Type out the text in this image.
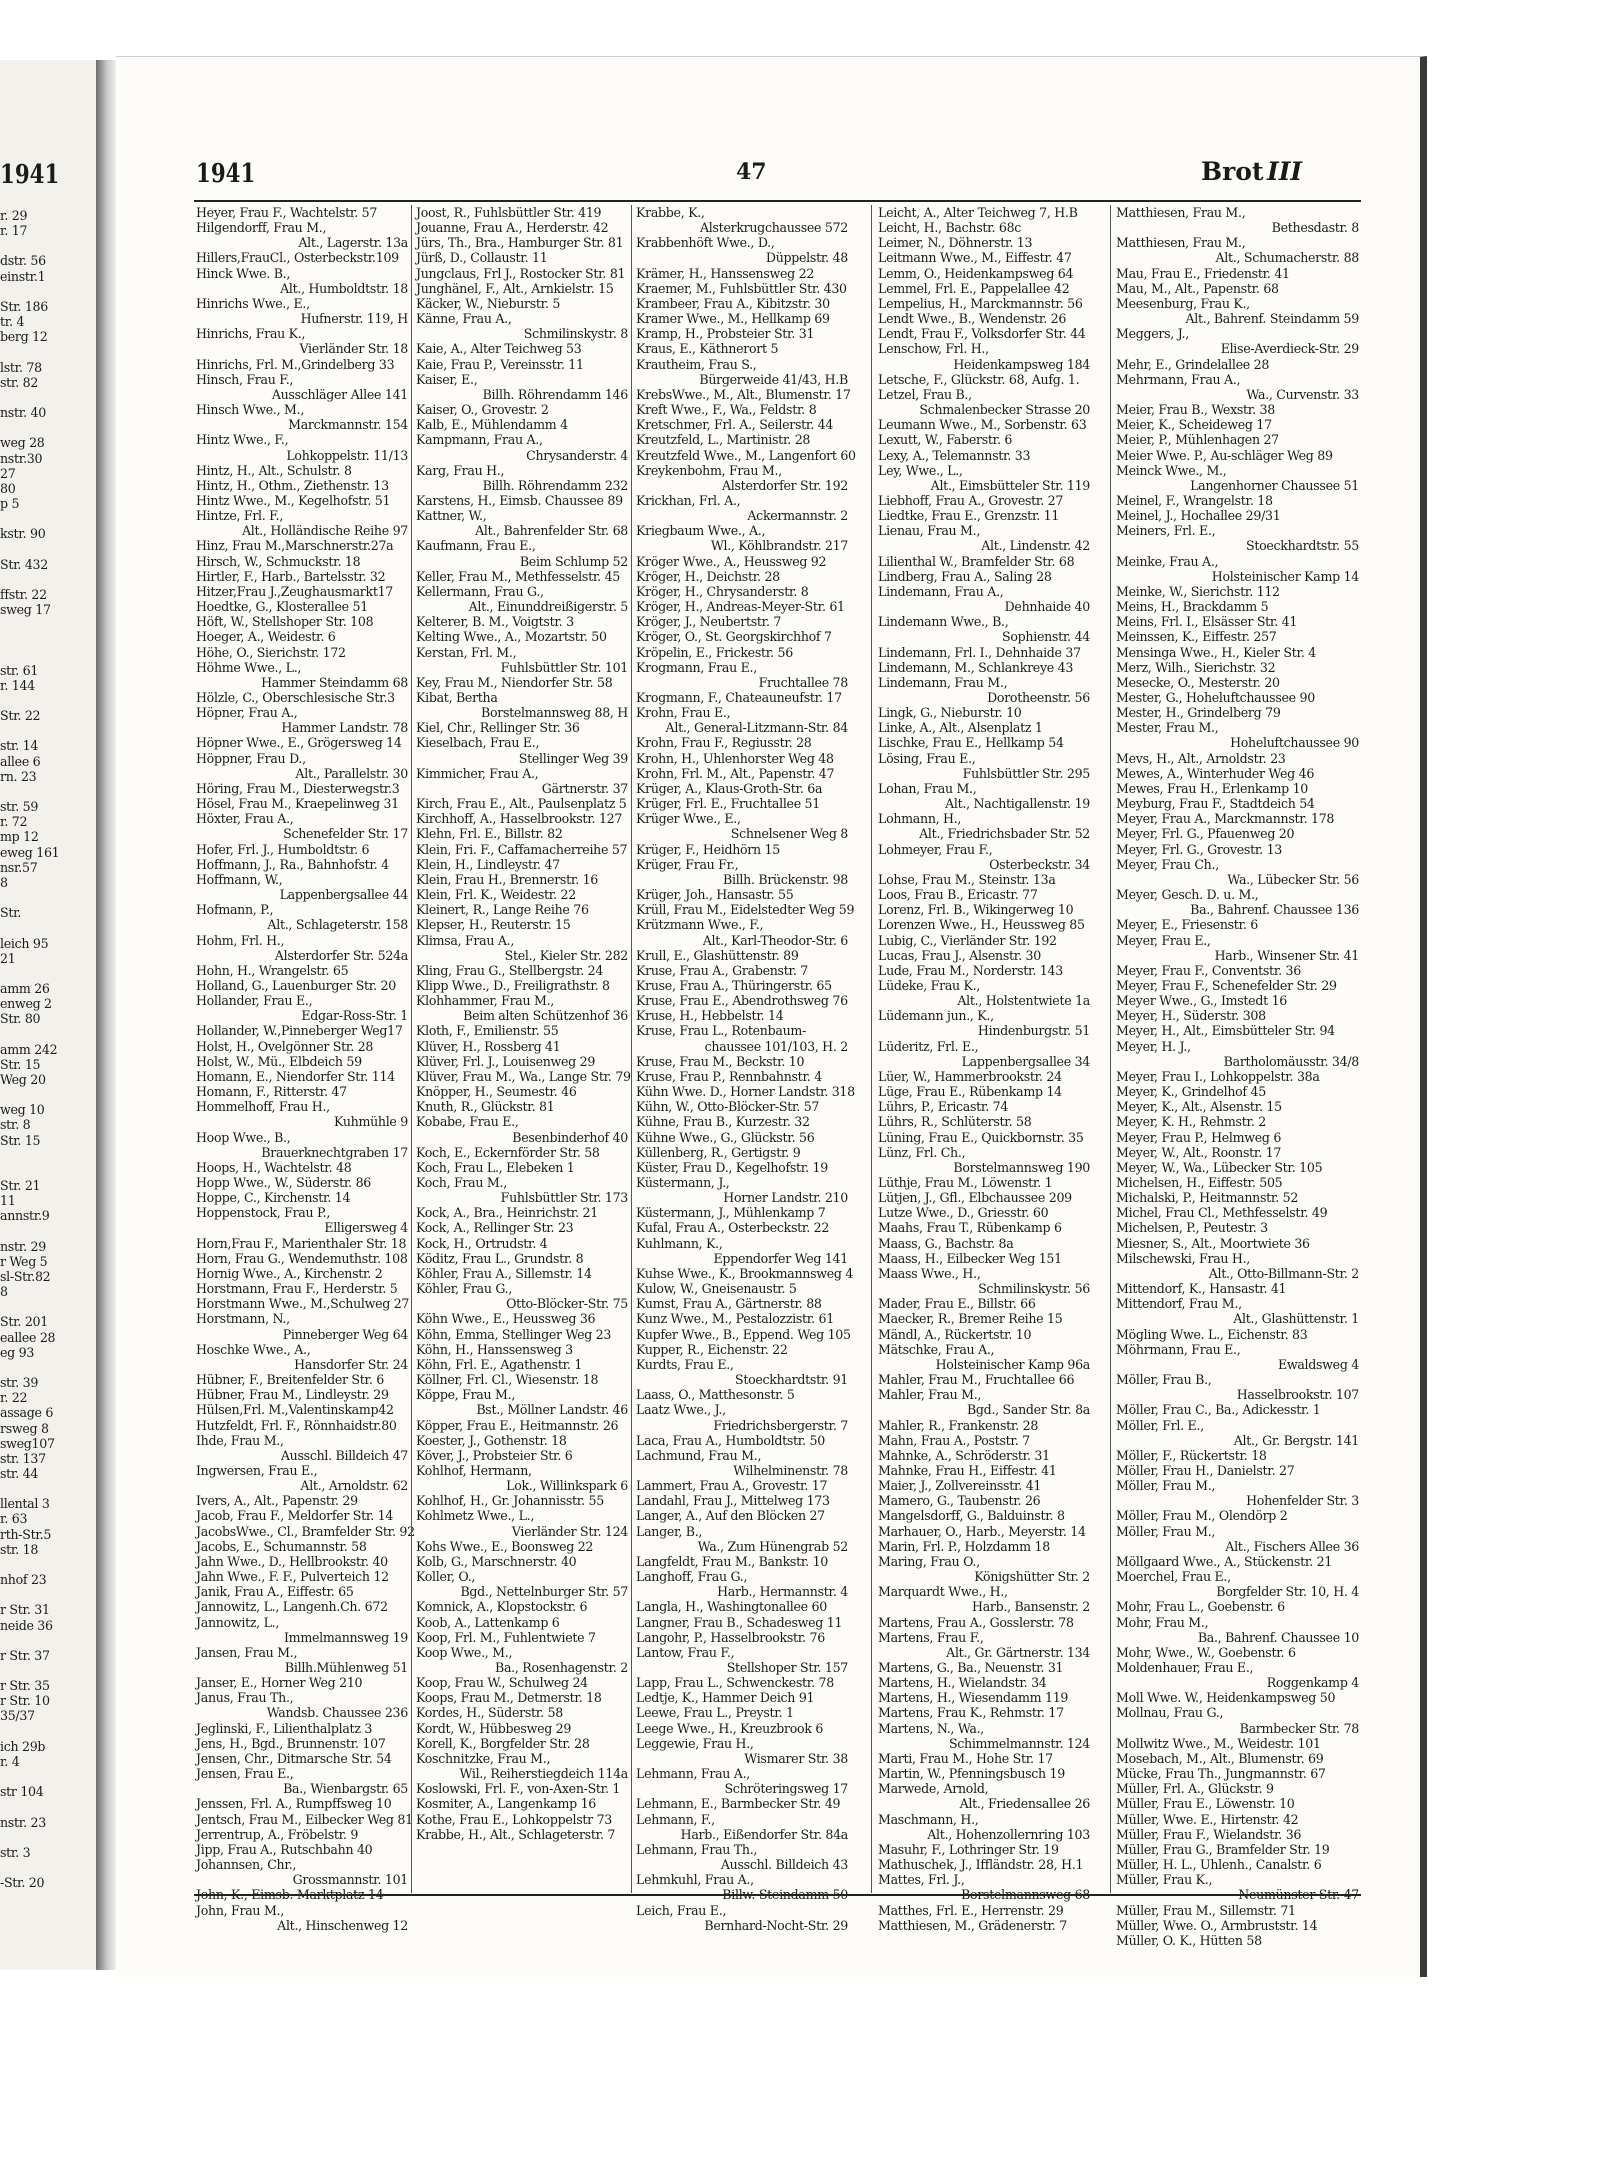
1941
r. 29
r. 17

dstr. 56
einstr.1

Str. 186
tr. 4
berg 12

lstr. 78
str. 82

nstr. 40

weg 28
nstr.30
27
80
p 5

kstr. 90

Str. 432

ffstr. 22
sweg 17

str. 61
r. 144

Str. 22

str. 14
allee 6
rn. 23

str. 59
r. 72
mp 12
eweg 161
nsr.57
8

Str.

leich 95
21

amm 26
enweg 2
Str. 80

amm 242
Str. 15
Weg 20

weg 10
str. 8
Str. 15

Str. 21
11
annstr.9

nstr. 29
r Weg 5
sl-Str.82
8

Str. 201
eallee 28
eg 93

str. 39
r. 22
assage 6
rsweg 8
sweg107
str. 137
str. 44

llental 3
r. 63
rth-Str.5
str. 18

nhof 23

r Str. 31
neide 36

r Str. 37

r Str. 35
r Str. 10
35/37

ich 29b
r. 4

str 104

nstr. 23

str. 3

-Str. 20
1941	47	Brot III
Heyer, Frau F., Wachtelstr. 57
Hilgendorff, Frau M.,
Alt., Lagerstr. 13a
Hillers,FrauCl., Osterbeckstr.109
Hinck Wwe. B.,
Alt., Humboldtstr. 18
Hinrichs Wwe., E.,
Hufnerstr. 119, H
Hinrichs, Frau K.,
Vierländer Str. 18
Hinrichs, Frl. M.,Grindelberg 33
Hinsch, Frau F.,
Ausschläger Allee 141
Hinsch Wwe., M.,
Marckmannstr. 154
Hintz Wwe., F.,
Lohkoppelstr. 11/13
Hintz, H., Alt., Schulstr. 8
Hintz, H., Othm., Ziethenstr. 13
Hintz Wwe., M., Kegelhofstr. 51
Hintze, Frl. F.,
Alt., Holländische Reihe 97
Hinz, Frau M.,Marschnerstr.27a
Hirsch, W., Schmuckstr. 18
Hirtler, F., Harb., Bartelsstr. 32
Hitzer,Frau J.,Zeughausmarkt17
Hoedtke, G., Klosterallee 51
Höft, W., Stellshoper Str. 108
Hoeger, A., Weidestr. 6
Höhe, O., Sierichstr. 172
Höhme Wwe., L.,
Hammer Steindamm 68
Hölzle, C., Oberschlesische Str.3
Höpner, Frau A.,
Hammer Landstr. 78
Höpner Wwe., E., Grögersweg 14
Höppner, Frau D.,
Alt., Parallelstr. 30
Höring, Frau M., Diesterwegstr.3
Hösel, Frau M., Kraepelinweg 31
Höxter, Frau A.,
Schenefelder Str. 17
Hofer, Frl. J., Humboldtstr. 6
Hoffmann, J., Ra., Bahnhofstr. 4
Hoffmann, W.,
Lappenbergsallee 44
Hofmann, P.,
Alt., Schlageterstr. 158
Hohm, Frl. H.,
Alsterdorfer Str. 524a
Hohn, H., Wrangelstr. 65
Holland, G., Lauenburger Str. 20
Hollander, Frau E.,
Edgar-Ross-Str. 1
Hollander, W.,Pinneberger Weg17
Holst, H., Ovelgönner Str. 28
Holst, W., Mü., Elbdeich 59
Homann, E., Niendorfer Str. 114
Homann, F., Ritterstr. 47
Hommelhoff, Frau H.,
Kuhmühle 9
Hoop Wwe., B.,
Brauerknechtgraben 17
Hoops, H., Wachtelstr. 48
Hopp Wwe., W., Süderstr. 86
Hoppe, C., Kirchenstr. 14
Hoppenstock, Frau P.,
Elligersweg 4
Horn,Frau F., Marienthaler Str. 18
Horn, Frau G., Wendemuthstr. 108
Hornig Wwe., A., Kirchenstr. 2
Horstmann, Frau F., Herderstr. 5
Horstmann Wwe., M.,Schulweg 27
Horstmann, N.,
Pinneberger Weg 64
Hoschke Wwe., A.,
Hansdorfer Str. 24
Hübner, F., Breitenfelder Str. 6
Hübner, Frau M., Lindleystr. 29
Hülsen,Frl. M.,Valentinskamp42
Hutzfeldt, Frl. F., Rönnhaidstr.80
Ihde, Frau M.,
Ausschl. Billdeich 47
Ingwersen, Frau E.,
Alt., Arnoldstr. 62
Ivers, A., Alt., Papenstr. 29
Jacob, Frau F., Meldorfer Str. 14
JacobsWwe., Cl., Bramfelder Str. 92
Jacobs, E., Schumannstr. 58
Jahn Wwe., D., Hellbrookstr. 40
Jahn Wwe., F. F., Pulverteich 12
Janik, Frau A., Eiffestr. 65
Jannowitz, L., Langenh.Ch. 672
Jannowitz, L.,
Immelmannsweg 19
Jansen, Frau M.,
Billh.Mühlenweg 51
Janser, E., Horner Weg 210
Janus, Frau Th.,
Wandsb. Chaussee 236
Jeglinski, F., Lilienthalplatz 3
Jens, H., Bgd., Brunnenstr. 107
Jensen, Chr., Ditmarsche Str. 54
Jensen, Frau E.,
Ba., Wienbargstr. 65
Jenssen, Frl. A., Rumpffsweg 10
Jentsch, Frau M., Eilbecker Weg 81
Jerrentrup, A., Fröbelstr. 9
Jipp, Frau A., Rutschbahn 40
Johannsen, Chr.,
Grossmannstr. 101
John, K., Eimsb. Marktplatz 14
John, Frau M.,
Alt., Hinschenweg 12
Joost, R., Fuhlsbüttler Str. 419
Jouanne, Frau A., Herderstr. 42
Jürs, Th., Bra., Hamburger Str. 81
Jürß, D., Collaustr. 11
Jungclaus, Frl J., Rostocker Str. 81
Junghänel, F., Alt., Arnkielstr. 15
Käcker, W., Nieburstr. 5
Känne, Frau A.,
Schmilinskystr. 8
Kaie, A., Alter Teichweg 53
Kaie, Frau P., Vereinsstr. 11
Kaiser, E.,
Billh. Röhrendamm 146
Kaiser, O., Grovestr. 2
Kalb, E., Mühlendamm 4
Kampmann, Frau A.,
Chrysanderstr. 4
Karg, Frau H.,
Billh. Röhrendamm 232
Karstens, H., Eimsb. Chaussee 89
Kattner, W.,
Alt., Bahrenfelder Str. 68
Kaufmann, Frau E.,
Beim Schlump 52
Keller, Frau M., Methfesselstr. 45
Kellermann, Frau G.,
Alt., Einunddreißigerstr. 5
Kelterer, B. M., Voigtstr. 3
Kelting Wwe., A., Mozartstr. 50
Kerstan, Frl. M.,
Fuhlsbüttler Str. 101
Key, Frau M., Niendorfer Str. 58
Kibat, Bertha
Borstelmannsweg 88, H
Kiel, Chr., Rellinger Str. 36
Kieselbach, Frau E.,
Stellinger Weg 39
Kimmicher, Frau A.,
Gärtnerstr. 37
Kirch, Frau E., Alt., Paulsenplatz 5
Kirchhoff, A., Hasselbrookstr. 127
Klehn, Frl. E., Billstr. 82
Klein, Fri. F., Caffamacherreihe 57
Klein, H., Lindleystr. 47
Klein, Frau H., Brennerstr. 16
Klein, Frl. K., Weidestr. 22
Kleinert, R., Lange Reihe 76
Klepser, H., Reuterstr. 15
Klimsa, Frau A.,
Stel., Kieler Str. 282
Kling, Frau G., Stellbergstr. 24
Klipp Wwe., D., Freiligrathstr. 8
Klohhammer, Frau M.,
Beim alten Schützenhof 36
Kloth, F., Emilienstr. 55
Klüver, H., Rossberg 41
Klüver, Frl. J., Louisenweg 29
Klüver, Frau M., Wa., Lange Str. 79
Knöpper, H., Seumestr. 46
Knuth, R., Glückstr. 81
Kobabe, Frau E.,
Besenbinderhof 40
Koch, E., Eckernförder Str. 58
Koch, Frau L., Elebeken 1
Koch, Frau M.,
Fuhlsbüttler Str. 173
Kock, A., Bra., Heinrichstr. 21
Kock, A., Rellinger Str. 23
Kock, H., Ortrudstr. 4
Köditz, Frau L., Grundstr. 8
Köhler, Frau A., Sillemstr. 14
Köhler, Frau G.,
Otto-Blöcker-Str. 75
Köhn Wwe., E., Heussweg 36
Köhn, Emma, Stellinger Weg 23
Köhn, H., Hanssensweg 3
Köhn, Frl. E., Agathenstr. 1
Köllner, Frl. Cl., Wiesenstr. 18
Köppe, Frau M.,
Bst., Möllner Landstr. 46
Köpper, Frau E., Heitmannstr. 26
Koester, J., Gothenstr. 18
Köver, J., Probsteier Str. 6
Kohlhof, Hermann,
Lok., Willinkspark 6
Kohlhof, H., Gr. Johannisstr. 55
Kohlmetz Wwe., L.,
Vierländer Str. 124
Kohs Wwe., E., Boonsweg 22
Kolb, G., Marschnerstr. 40
Koller, O.,
Bgd., Nettelnburger Str. 57
Komnick, A., Klopstockstr. 6
Koob, A., Lattenkamp 6
Koop, Frl. M., Fuhlentwiete 7
Koop Wwe., M.,
Ba., Rosenhagenstr. 2
Koop, Frau W., Schulweg 24
Koops, Frau M., Detmerstr. 18
Kordes, H., Süderstr. 58
Kordt, W., Hübbesweg 29
Korell, K., Borgfelder Str. 28
Koschnitzke, Frau M.,
Wil., Reiherstiegdeich 114a
Koslowski, Frl. F., von-Axen-Str. 1
Kosmiter, A., Langenkamp 16
Kothe, Frau E., Lohkoppelstr 73
Krabbe, H., Alt., Schlageterstr. 7
Krabbe, K.,
Alsterkrugchaussee 572
Krabbenhöft Wwe., D.,
Düppelstr. 48
Krämer, H., Hanssensweg 22
Kraemer, M., Fuhlsbüttler Str. 430
Krambeer, Frau A., Kibitzstr. 30
Kramer Wwe., M., Hellkamp 69
Kramp, H., Probsteier Str. 31
Kraus, E., Käthnerort 5
Krautheim, Frau S.,
Bürgerweide 41/43, H.B
KrebsWwe., M., Alt., Blumenstr. 17
Kreft Wwe., F., Wa., Feldstr. 8
Kretschmer, Frl. A., Seilerstr. 44
Kreutzfeld, L., Martinistr. 28
Kreutzfeld Wwe., M., Langenfort 60
Kreykenbohm, Frau M.,
Alsterdorfer Str. 192
Krickhan, Frl. A.,
Ackermannstr. 2
Kriegbaum Wwe., A.,
Wl., Köhlbrandstr. 217
Kröger Wwe., A., Heussweg 92
Kröger, H., Deichstr. 28
Kröger, H., Chrysanderstr. 8
Kröger, H., Andreas-Meyer-Str. 61
Kröger, J., Neubertstr. 7
Kröger, O., St. Georgskirchhof 7
Kröpelin, E., Frickestr. 56
Krogmann, Frau E.,
Fruchtallee 78
Krogmann, F., Chateauneufstr. 17
Krohn, Frau E.,
Alt., General-Litzmann-Str. 84
Krohn, Frau F., Regiusstr. 28
Krohn, H., Uhlenhorster Weg 48
Krohn, Frl. M., Alt., Papenstr. 47
Krüger, A., Klaus-Groth-Str. 6a
Krüger, Frl. E., Fruchtallee 51
Krüger Wwe., E.,
Schnelsener Weg 8
Krüger, F., Heidhörn 15
Krüger, Frau Fr.,
Billh. Brückenstr. 98
Krüger, Joh., Hansastr. 55
Krüll, Frau M., Eidelstedter Weg 59
Krützmann Wwe., F.,
Alt., Karl-Theodor-Str. 6
Krull, E., Glashüttenstr. 89
Kruse, Frau A., Grabenstr. 7
Kruse, Frau A., Thüringerstr. 65
Kruse, Frau E., Abendrothsweg 76
Kruse, H., Hebbelstr. 14
Kruse, Frau L., Rotenbaum-
chaussee 101/103, H. 2
Kruse, Frau M., Beckstr. 10
Kruse, Frau P., Rennbahnstr. 4
Kühn Wwe. D., Horner Landstr. 318
Kühn, W., Otto-Blöcker-Str. 57
Kühne, Frau B., Kurzestr. 32
Kühne Wwe., G., Glückstr. 56
Küllenberg, R., Gertigstr. 9
Küster, Frau D., Kegelhofstr. 19
Küstermann, J.,
Horner Landstr. 210
Küstermann, J., Mühlenkamp 7
Kufal, Frau A., Osterbeckstr. 22
Kuhlmann, K.,
Eppendorfer Weg 141
Kuhse Wwe., K., Brookmannsweg 4
Kulow, W., Gneisenaustr. 5
Kumst, Frau A., Gärtnerstr. 88
Kunz Wwe., M., Pestalozzistr. 61
Kupfer Wwe., B., Eppend. Weg 105
Kupper, R., Eichenstr. 22
Kurdts, Frau E.,
Stoeckhardtstr. 91
Laass, O., Matthesonstr. 5
Laatz Wwe., J.,
Friedrichsbergerstr. 7
Laca, Frau A., Humboldtstr. 50
Lachmund, Frau M.,
Wilhelminenstr. 78
Lammert, Frau A., Grovestr. 17
Landahl, Frau J., Mittelweg 173
Langer, A., Auf den Blöcken 27
Langer, B.,
Wa., Zum Hünengrab 52
Langfeldt, Frau M., Bankstr. 10
Langhoff, Frau G.,
Harb., Hermannstr. 4
Langla, H., Washingtonallee 60
Langner, Frau B., Schadesweg 11
Langohr, P., Hasselbrookstr. 76
Lantow, Frau F.,
Stellshoper Str. 157
Lapp, Frau L., Schwenckestr. 78
Ledtje, K., Hammer Deich 91
Leewe, Frau L., Preystr. 1
Leege Wwe., H., Kreuzbrook 6
Leggewie, Frau H.,
Wismarer Str. 38
Lehmann, Frau A.,
Schröteringsweg 17
Lehmann, E., Barmbecker Str. 49
Lehmann, F.,
Harb., Eißendorfer Str. 84a
Lehmann, Frau Th.,
Ausschl. Billdeich 43
Lehmkuhl, Frau A.,
Billw. Steindamm 50
Leich, Frau E.,
Bernhard-Nocht-Str. 29
Leicht, A., Alter Teichweg 7, H.B
Leicht, H., Bachstr. 68c
Leimer, N., Döhnerstr. 13
Leitmann Wwe., M., Eiffestr. 47
Lemm, O., Heidenkampsweg 64
Lemmel, Frl. E., Pappelallee 42
Lempelius, H., Marckmannstr. 56
Lendt Wwe., B., Wendenstr. 26
Lendt, Frau F., Volksdorfer Str. 44
Lenschow, Frl. H.,
Heidenkampsweg 184
Letsche, F., Glückstr. 68, Aufg. 1.
Letzel, Frau B.,
Schmalenbecker Strasse 20
Leumann Wwe., M., Sorbenstr. 63
Lexutt, W., Faberstr. 6
Lexy, A., Telemannstr. 33
Ley, Wwe., L.,
Alt., Eimsbütteler Str. 119
Liebhoff, Frau A., Grovestr. 27
Liedtke, Frau E., Grenzstr. 11
Lienau, Frau M.,
Alt., Lindenstr. 42
Lilienthal W., Bramfelder Str. 68
Lindberg, Frau A., Saling 28
Lindemann, Frau A.,
Dehnhaide 40
Lindemann Wwe., B.,
Sophienstr. 44
Lindemann, Frl. I., Dehnhaide 37
Lindemann, M., Schlankreye 43
Lindemann, Frau M.,
Dorotheenstr. 56
Lingk, G., Nieburstr. 10
Linke, A., Alt., Alsenplatz 1
Lischke, Frau E., Hellkamp 54
Lösing, Frau E.,
Fuhlsbüttler Str. 295
Lohan, Frau M.,
Alt., Nachtigallenstr. 19
Lohmann, H.,
Alt., Friedrichsbader Str. 52
Lohmeyer, Frau F.,
Osterbeckstr. 34
Lohse, Frau M., Steinstr. 13a
Loos, Frau B., Ericastr. 77
Lorenz, Frl. B., Wikingerweg 10
Lorenzen Wwe., H., Heussweg 85
Lubig, C., Vierländer Str. 192
Lucas, Frau J., Alsenstr. 30
Lude, Frau M., Norderstr. 143
Lüdeke, Frau K.,
Alt., Holstentwiete 1a
Lüdemann jun., K.,
Hindenburgstr. 51
Lüderitz, Frl. E.,
Lappenbergsallee 34
Lüer, W., Hammerbrookstr. 24
Lüge, Frau E., Rübenkamp 14
Lührs, P., Ericastr. 74
Lührs, R., Schlüterstr. 58
Lüning, Frau E., Quickbornstr. 35
Lünz, Frl. Ch.,
Borstelmannsweg 190
Lüthje, Frau M., Löwenstr. 1
Lütjen, J., Gfl., Elbchaussee 209
Lutze Wwe., D., Griesstr. 60
Maahs, Frau T., Rübenkamp 6
Maass, G., Bachstr. 8a
Maass, H., Eilbecker Weg 151
Maass Wwe., H.,
Schmilinskystr. 56
Mader, Frau E., Billstr. 66
Maecker, R., Bremer Reihe 15
Mändl, A., Rückertstr. 10
Mätschke, Frau A.,
Holsteinischer Kamp 96a
Mahler, Frau M., Fruchtallee 66
Mahler, Frau M.,
Bgd., Sander Str. 8a
Mahler, R., Frankenstr. 28
Mahn, Frau A., Poststr. 7
Mahnke, A., Schröderstr. 31
Mahnke, Frau H., Eiffestr. 41
Maier, J., Zollvereinsstr. 41
Mamero, G., Taubenstr. 26
Mangelsdorff, G., Balduinstr. 8
Marhauer, O., Harb., Meyerstr. 14
Marin, Frl. P., Holzdamm 18
Maring, Frau O.,
Königshütter Str. 2
Marquardt Wwe., H.,
Harb., Bansenstr. 2
Martens, Frau A., Gosslerstr. 78
Martens, Frau F.,
Alt., Gr. Gärtnerstr. 134
Martens, G., Ba., Neuenstr. 31
Martens, H., Wielandstr. 34
Martens, H., Wiesendamm 119
Martens, Frau K., Rehmstr. 17
Martens, N., Wa.,
Schimmelmannstr. 124
Marti, Frau M., Hohe Str. 17
Martin, W., Pfenningsbusch 19
Marwede, Arnold,
Alt., Friedensallee 26
Maschmann, H.,
Alt., Hohenzollernring 103
Masuhr, F., Lothringer Str. 19
Mathuschek, J., Iffländstr. 28, H.1
Mattes, Frl. J.,
Borstelmannsweg 68
Matthes, Frl. E., Herrenstr. 29
Matthiesen, M., Grädenerstr. 7
Matthiesen, Frau M.,
Bethesdastr. 8
Matthiesen, Frau M.,
Alt., Schumacherstr. 88
Mau, Frau E., Friedenstr. 41
Mau, M., Alt., Papenstr. 68
Meesenburg, Frau K.,
Alt., Bahrenf. Steindamm 59
Meggers, J.,
Elise-Averdieck-Str. 29
Mehr, E., Grindelallee 28
Mehrmann, Frau A.,
Wa., Curvenstr. 33
Meier, Frau B., Wexstr. 38
Meier, K., Scheideweg 17
Meier, P., Mühlenhagen 27
Meier Wwe. P., Au-schläger Weg 89
Meinck Wwe., M.,
Langenhorner Chaussee 51
Meinel, F., Wrangelstr. 18
Meinel, J., Hochallee 29/31
Meiners, Frl. E.,
Stoeckhardtstr. 55
Meinke, Frau A.,
Holsteinischer Kamp 14
Meinke, W., Sierichstr. 112
Meins, H., Brackdamm 5
Meins, Frl. I., Elsässer Str. 41
Meinssen, K., Eiffestr. 257
Mensinga Wwe., H., Kieler Str. 4
Merz, Wilh., Sierichstr. 32
Mesecke, O., Mesterstr. 20
Mester, G., Hoheluftchaussee 90
Mester, H., Grindelberg 79
Mester, Frau M.,
Hoheluftchaussee 90
Mevs, H., Alt., Arnoldstr. 23
Mewes, A., Winterhuder Weg 46
Mewes, Frau H., Erlenkamp 10
Meyburg, Frau F., Stadtdeich 54
Meyer, Frau A., Marckmannstr. 178
Meyer, Frl. G., Pfauenweg 20
Meyer, Frl. G., Grovestr. 13
Meyer, Frau Ch.,
Wa., Lübecker Str. 56
Meyer, Gesch. D. u. M.,
Ba., Bahrenf. Chaussee 136
Meyer, E., Friesenstr. 6
Meyer, Frau E.,
Harb., Winsener Str. 41
Meyer, Frau F., Conventstr. 36
Meyer, Frau F., Schenefelder Str. 29
Meyer Wwe., G., Imstedt 16
Meyer, H., Süderstr. 308
Meyer, H., Alt., Eimsbütteler Str. 94
Meyer, H. J.,
Bartholomäusstr. 34/8
Meyer, Frau I., Lohkoppelstr. 38a
Meyer, K., Grindelhof 45
Meyer, K., Alt., Alsenstr. 15
Meyer, K. H., Rehmstr. 2
Meyer, Frau P., Helmweg 6
Meyer, W., Alt., Roonstr. 17
Meyer, W., Wa., Lübecker Str. 105
Michelsen, H., Eiffestr. 505
Michalski, P., Heitmannstr. 52
Michel, Frau Cl., Methfesselstr. 49
Michelsen, P., Peutestr. 3
Miesner, S., Alt., Moortwiete 36
Milschewski, Frau H.,
Alt., Otto-Billmann-Str. 2
Mittendorf, K., Hansastr. 41
Mittendorf, Frau M.,
Alt., Glashüttenstr. 1
Mögling Wwe. L., Eichenstr. 83
Möhrmann, Frau E.,
Ewaldsweg 4
Möller, Frau B.,
Hasselbrookstr. 107
Möller, Frau C., Ba., Adickesstr. 1
Möller, Frl. E.,
Alt., Gr. Bergstr. 141
Möller, F., Rückertstr. 18
Möller, Frau H., Danielstr. 27
Möller, Frau M.,
Hohenfelder Str. 3
Möller, Frau M., Olendörp 2
Möller, Frau M.,
Alt., Fischers Allee 36
Möllgaard Wwe., A., Stückenstr. 21
Moerchel, Frau E.,
Borgfelder Str. 10, H. 4
Mohr, Frau L., Goebenstr. 6
Mohr, Frau M.,
Ba., Bahrenf. Chaussee 10
Mohr, Wwe., W., Goebenstr. 6
Moldenhauer, Frau E.,
Roggenkamp 4
Moll Wwe. W., Heidenkampsweg 50
Mollnau, Frau G.,
Barmbecker Str. 78
Mollwitz Wwe., M., Weidestr. 101
Mosebach, M., Alt., Blumenstr. 69
Mücke, Frau Th., Jungmannstr. 67
Müller, Frl. A., Glückstr. 9
Müller, Frau E., Löwenstr. 10
Müller, Wwe. E., Hirtenstr. 42
Müller, Frau F., Wielandstr. 36
Müller, Frau G., Bramfelder Str. 19
Müller, H. L., Uhlenh., Canalstr. 6
Müller, Frau K.,
Neumünster Str. 47
Müller, Frau M., Sillemstr. 71
Müller, Wwe. O., Armbruststr. 14
Müller, O. K., Hütten 58
